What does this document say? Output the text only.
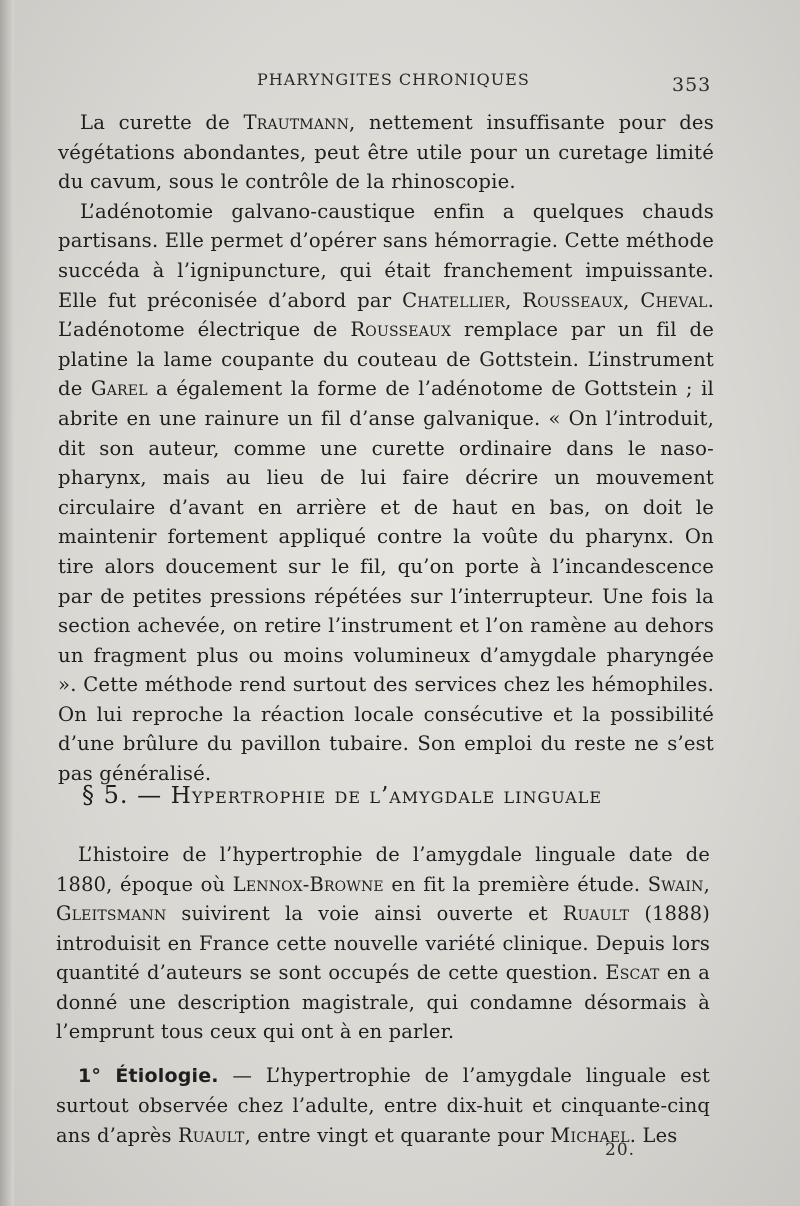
PHARYNGITES CHRONIQUES	353

La curette de Trautmann, nettement insuffisante pour des végétations abondantes, peut être utile pour un curetage limité du cavum, sous le contrôle de la rhinoscopie.

L’adénotomie galvano-caustique enfin a quelques chauds partisans. Elle permet d’opérer sans hémorragie. Cette méthode succéda à l’ignipuncture, qui était franchement impuissante. Elle fut préconisée d’abord par Chatellier, Rousseaux, Cheval. L’adénotome électrique de Rousseaux remplace par un fil de platine la lame coupante du couteau de Gottstein. L’instrument de Garel a également la forme de l’adénotome de Gottstein ; il abrite en une rainure un fil d’anse galvanique. « On l’introduit, dit son auteur, comme une curette ordinaire dans le naso-pharynx, mais au lieu de lui faire décrire un mouvement circulaire d’avant en arrière et de haut en bas, on doit le maintenir fortement appliqué contre la voûte du pharynx. On tire alors doucement sur le fil, qu’on porte à l’incandescence par de petites pressions répétées sur l’interrupteur. Une fois la section achevée, on retire l’instrument et l’on ramène au dehors un fragment plus ou moins volumineux d’amygdale pharyngée ». Cette méthode rend surtout des services chez les hémophiles. On lui reproche la réaction locale consécutive et la possibilité d’une brûlure du pavillon tubaire. Son emploi du reste ne s’est pas généralisé.

§ 5. — Hypertrophie de l’amygdale linguale

L’histoire de l’hypertrophie de l’amygdale linguale date de 1880, époque où Lennox-Browne en fit la première étude. Swain, Gleitsmann suivirent la voie ainsi ouverte et Ruault (1888) introduisit en France cette nouvelle variété clinique. Depuis lors quantité d’auteurs se sont occupés de cette question. Escat en a donné une description magistrale, qui condamne désormais à l’emprunt tous ceux qui ont à en parler.

1° Étiologie. — L’hypertrophie de l’amygdale linguale est surtout observée chez l’adulte, entre dix-huit et cinquante-cinq ans d’après Ruault, entre vingt et quarante pour Michael. Les

20.
